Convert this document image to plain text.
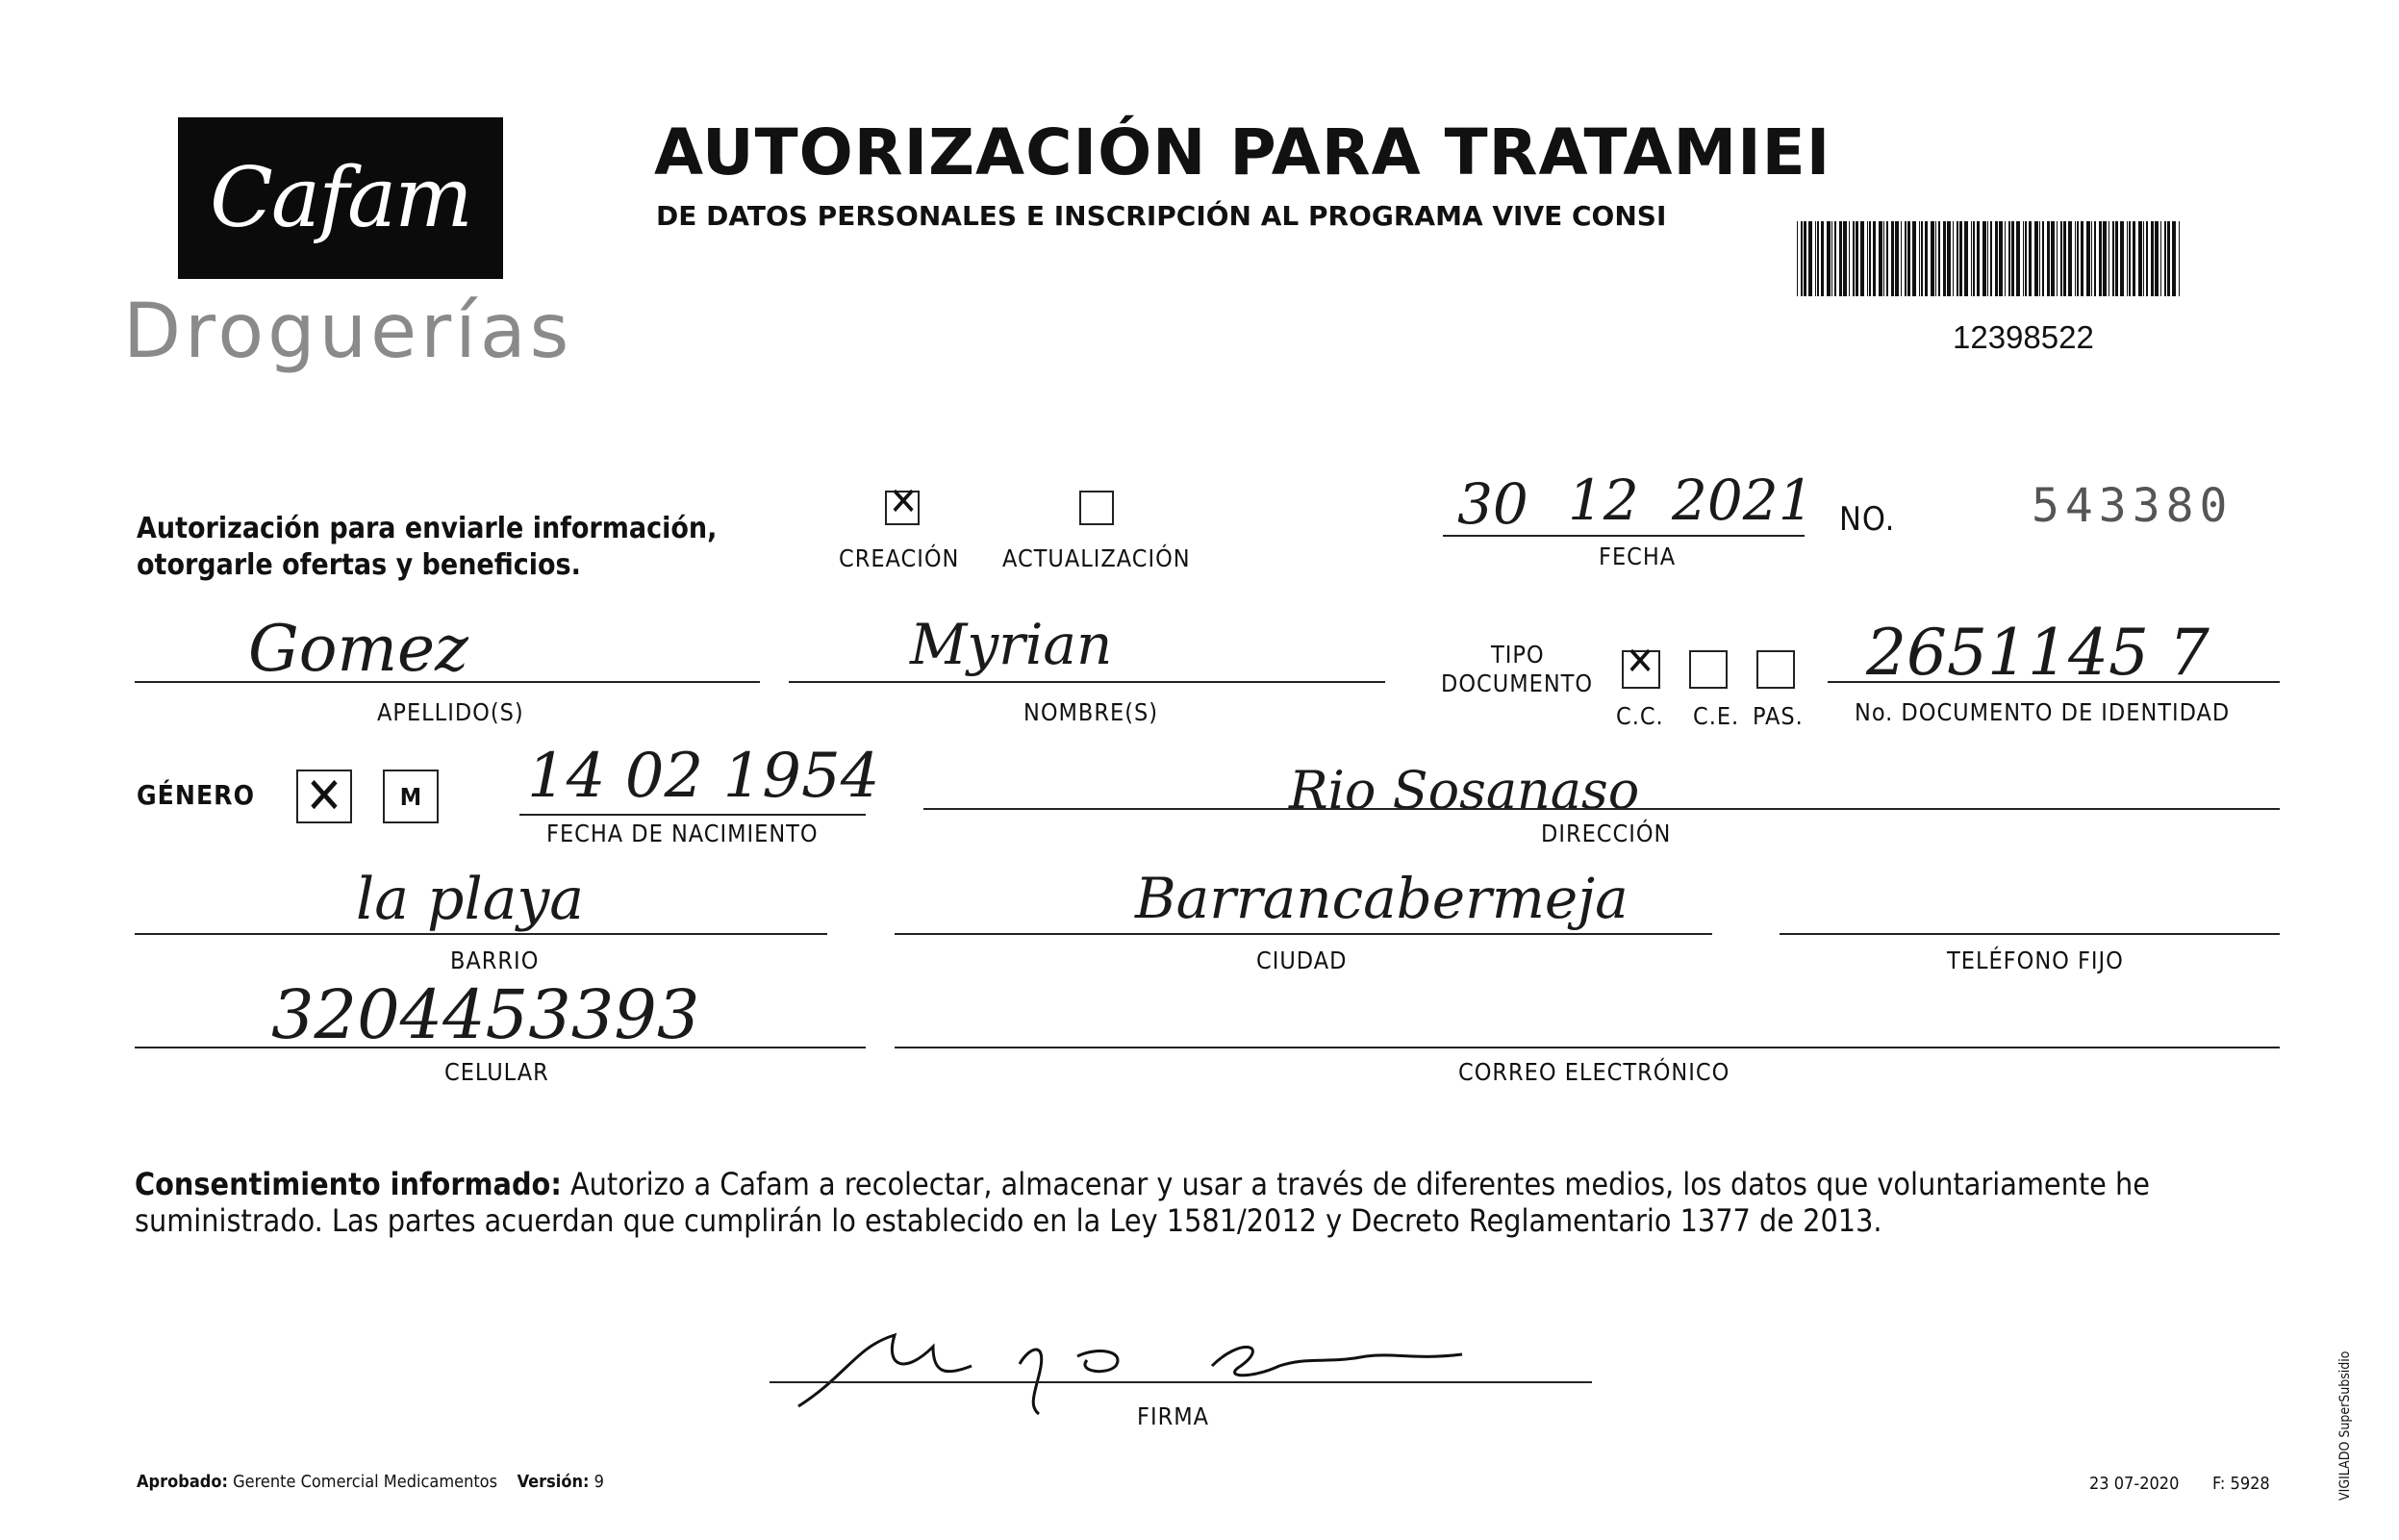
Cafam
Droguerías
AUTORIZACIÓN PARA TRATAMIEI
DE DATOS PERSONALES E INSCRIPCIÓN AL PROGRAMA VIVE CONSI
12398522
Autorización para enviarle información,
otorgarle ofertas y beneficios.
✕	CREACIÓN ACTUALIZACIÓN
30 12 2021
FECHA
NO.	543380
Gomez
APELLIDO(S)
Myrian
NOMBRE(S)
TIPO
DOCUMENTO
✕
C.C. C.E. PAS.
2651145 7
No. DOCUMENTO DE IDENTIDAD
GÉNERO ✕ M 14 02 1954
FECHA DE NACIMIENTO
Rio Sosanaso
DIRECCIÓN
la playa
BARRIO
Barrancabermeja
CIUDAD	TELÉFONO FIJO
3204453393
CELULAR	CORREO ELECTRÓNICO
Consentimiento informado: Autorizo a Cafam a recolectar, almacenar y usar a través de diferentes medios, los datos que voluntariamente he suministrado. Las partes acuerdan que cumplirán lo establecido en la Ley 1581/2012 y Decreto Reglamentario 1377 de 2013.
FIRMA
Aprobado: Gerente Comercial Medicamentos Versión: 9	23 07-2020 F: 5928	VIGILADO SuperSubsidio
